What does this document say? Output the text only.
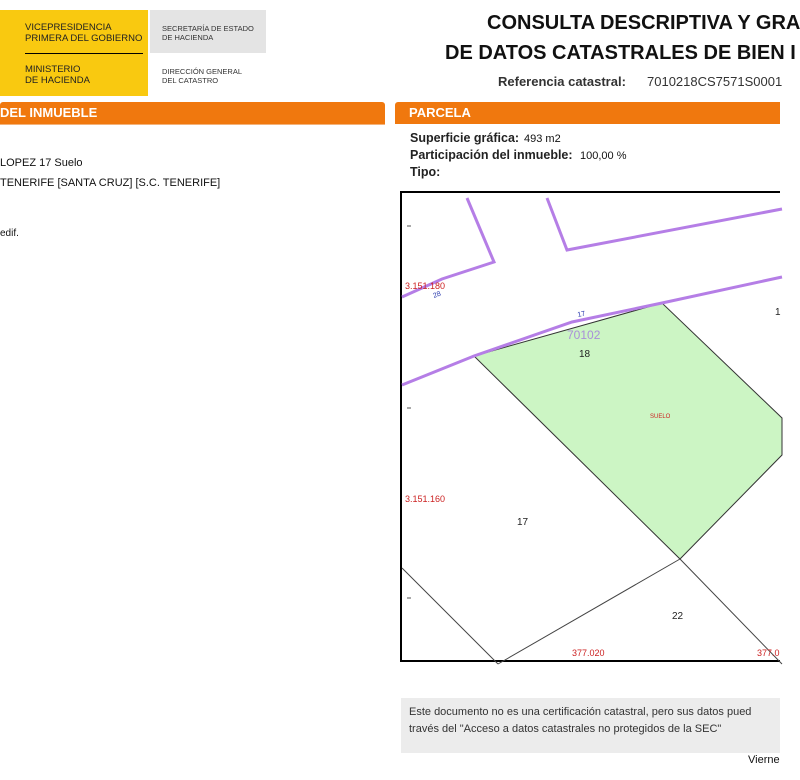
VICEPRESIDENCIA
PRIMERA DEL GOBIERNO
MINISTERIO
DE HACIENDA
SECRETARÍA DE ESTADO
DE HACIENDA
DIRECCIÓN GENERAL
DEL CATASTRO
CONSULTA DESCRIPTIVA Y GRA
DE DATOS CATASTRALES DE BIEN I
Referencia catastral: 7010218CS7571S0001
DEL INMUEBLE
LOPEZ 17 Suelo
TENERIFE [SANTA CRUZ] [S.C. TENERIFE]
edif.
PARCELA
Superficie gráfica: 493 m2
Participación del inmueble: 100,00 %
Tipo:
3.151.180
3.151.160
377.020	377.0
70102
18
17
22
1
SUELO
17
28
Este documento no es una certificación catastral, pero sus datos pued
través del "Acceso a datos catastrales no protegidos de la SEC"
Vierne
